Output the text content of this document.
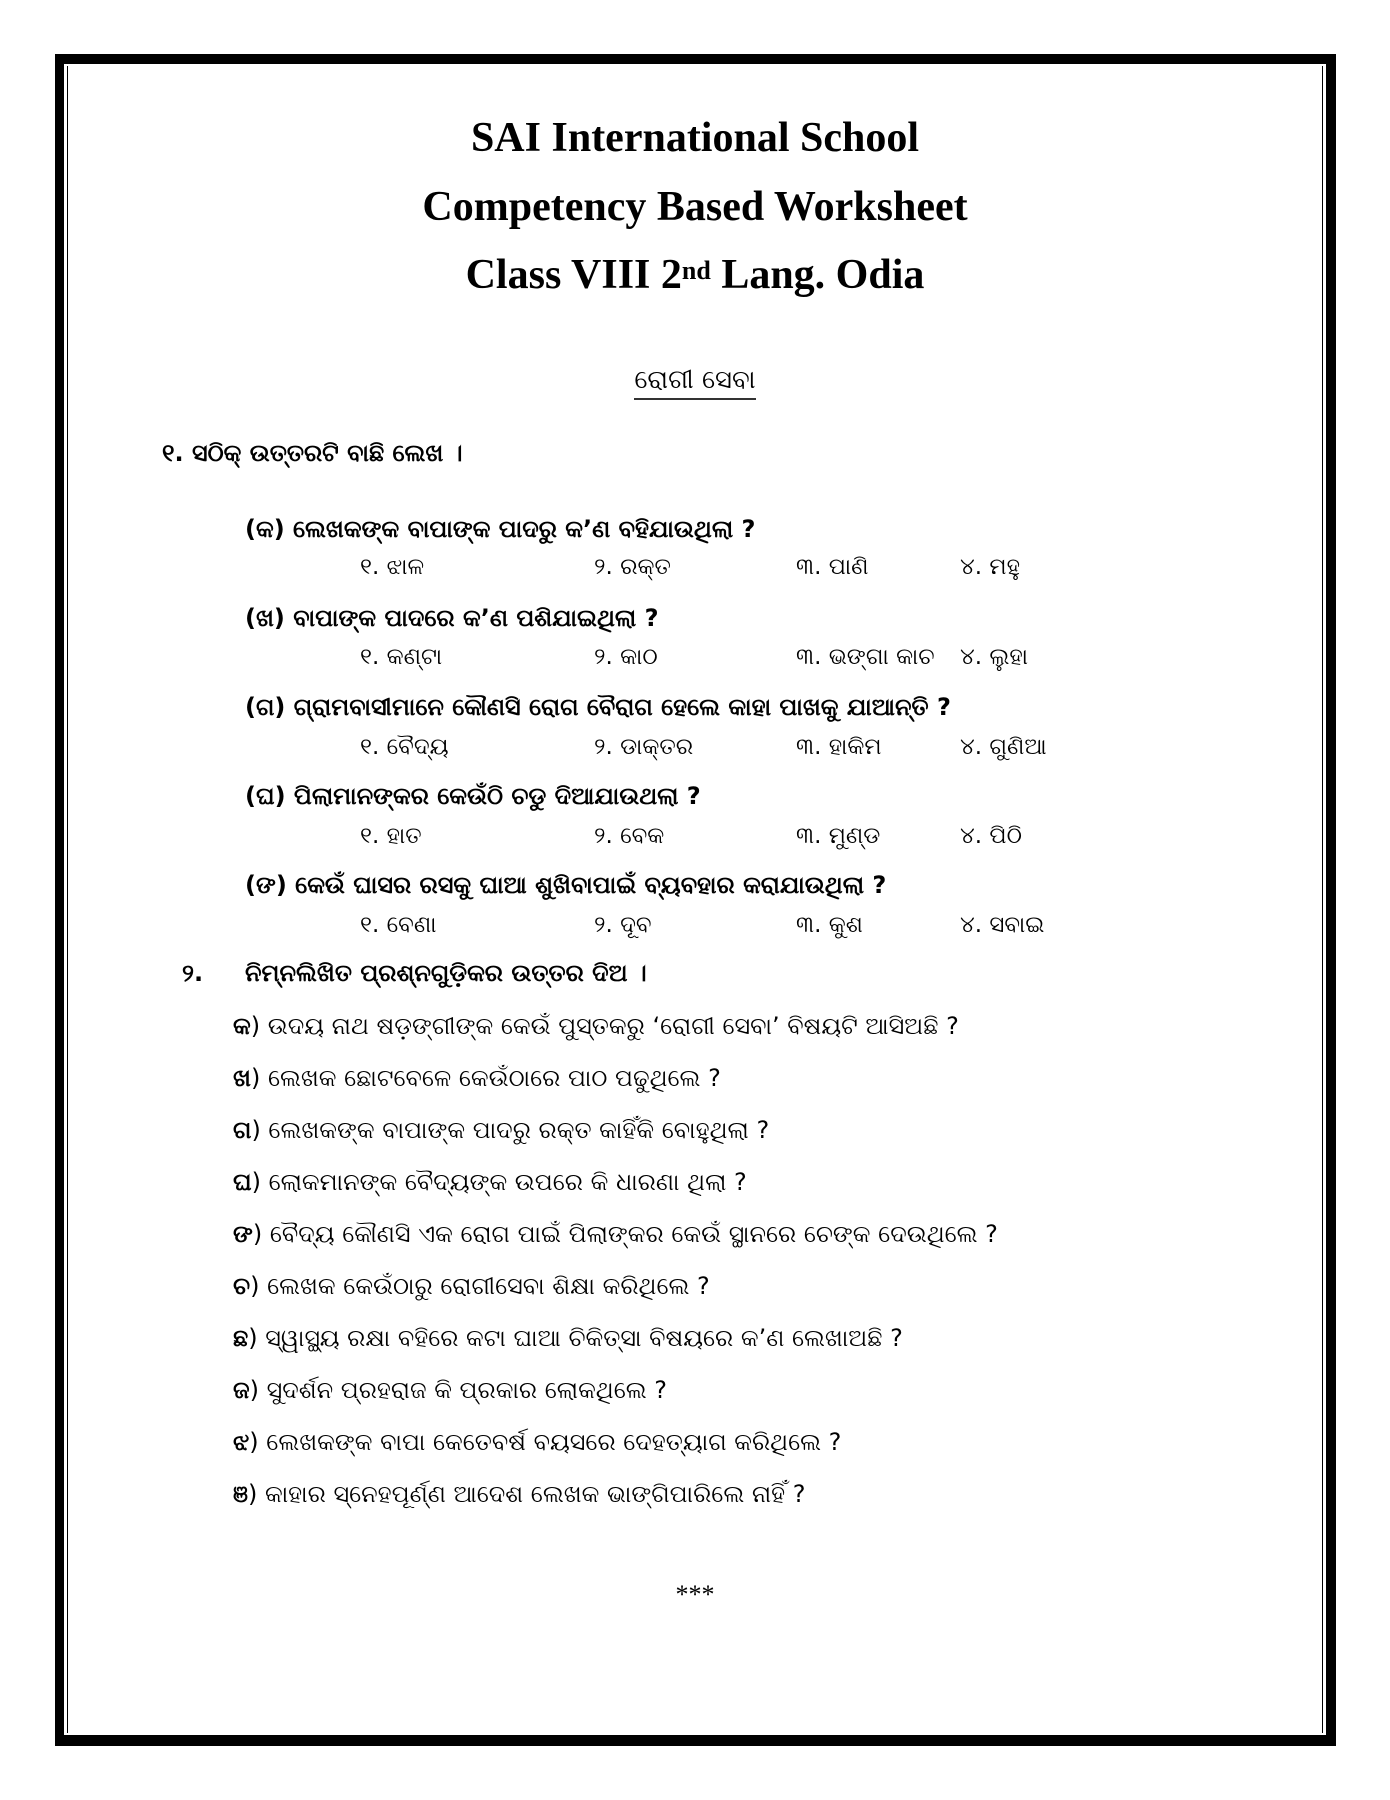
SAI International School
Competency Based Worksheet
Class VIII 2nd Lang. Odia
ରୋଗୀ ସେବା
୧. ସଠିକ୍ ଉତ୍ତରଟି ବାଛି ଲେଖ ।
(କ) ଲେଖକଙ୍କ ବାପାଙ୍କ ପାଦରୁ କ’ଣ ବହିଯାଉଥିଲା ?
୧. ଝାଳ	୨. ରକ୍ତ	୩. ପାଣି	୪. ମହୁ
(ଖ) ବାପାଙ୍କ ପାଦରେ କ’ଣ ପଶିଯାଇଥିଲା ?
୧. କଣ୍ଟା	୨. କାଠ	୩. ଭଙ୍ଗା କାଚ ୪. ଲୁହା
(ଗ) ଗ୍ରାମବାସୀମାନେ କୌଣସି ରୋଗ ବୈରାଗ ହେଲେ କାହା ପାଖକୁ ଯାଆନ୍ତି ?
୧. ବୈଦ୍ୟ	୨. ଡାକ୍ତର	୩. ହାକିମ	୪. ଗୁଣିଆ
(ଘ) ପିଲାମାନଙ୍କର କେଉଁଠି ଚଡୁ ଦିଆଯାଉଥଲା ?
୧. ହାତ	୨. ବେକ	୩. ମୁଣ୍ଡ	୪. ପିଠି
(ଙ) କେଉଁ ଘାସର ରସକୁ ଘାଆ ଶୁଖିବାପାଇଁ ବ୍ୟବହାର କରାଯାଉଥିଲା ?
୧. ବେଣା	୨. ଦୂବ	୩. କୁଶ	୪. ସବାଇ
୨. ନିମ୍ନଲିଖିତ ପ୍ରଶ୍ନଗୁଡ଼ିକର ଉତ୍ତର ଦିଅ ।
କ) ଉଦୟ ନାଥ ଷଡ଼ଙ୍ଗୀଙ୍କ କେଉଁ ପୁସ୍ତକରୁ ‘ରୋଗୀ ସେବା’ ବିଷୟଟି ଆସିଅଛି ?
ଖ) ଲେଖକ ଛୋଟବେଳେ କେଉଁଠାରେ ପାଠ ପଢୁଥିଲେ ?
ଗ) ଲେଖକଙ୍କ ବାପାଙ୍କ ପାଦରୁ ରକ୍ତ କାହିଁକି ବୋହୁଥିଲା ?
ଘ) ଲୋକମାନଙ୍କ ବୈଦ୍ୟଙ୍କ ଉପରେ କି ଧାରଣା ଥିଲା ?
ଙ) ବୈଦ୍ୟ କୌଣସି ଏକ ରୋଗ ପାଇଁ ପିଲାଙ୍କର କେଉଁ ସ୍ଥାନରେ ଚେଙ୍କ ଦେଉଥିଲେ ?
ଚ) ଲେଖକ କେଉଁଠାରୁ ରୋଗୀସେବା ଶିକ୍ଷା କରିଥିଲେ ?
ଛ) ସ୍ୱାସ୍ଥ୍ୟ ରକ୍ଷା ବହିରେ କଟା ଘାଆ ଚିକିତ୍ସା ବିଷୟରେ କ’ଣ ଲେଖାଅଛି ?
ଜ) ସୁଦର୍ଶନ ପ୍ରହରାଜ କି ପ୍ରକାର ଲୋକଥିଲେ ?
ଝ) ଲେଖକଙ୍କ ବାପା କେତେବର୍ଷ ବୟସରେ ଦେହତ୍ୟାଗ କରିଥିଲେ ?
ଞ) କାହାର ସ୍ନେହପୂର୍ଣ୍ଣ ଆଦେଶ ଲେଖକ ଭାଙ୍ଗିପାରିଲେ ନାହିଁ ?
***
